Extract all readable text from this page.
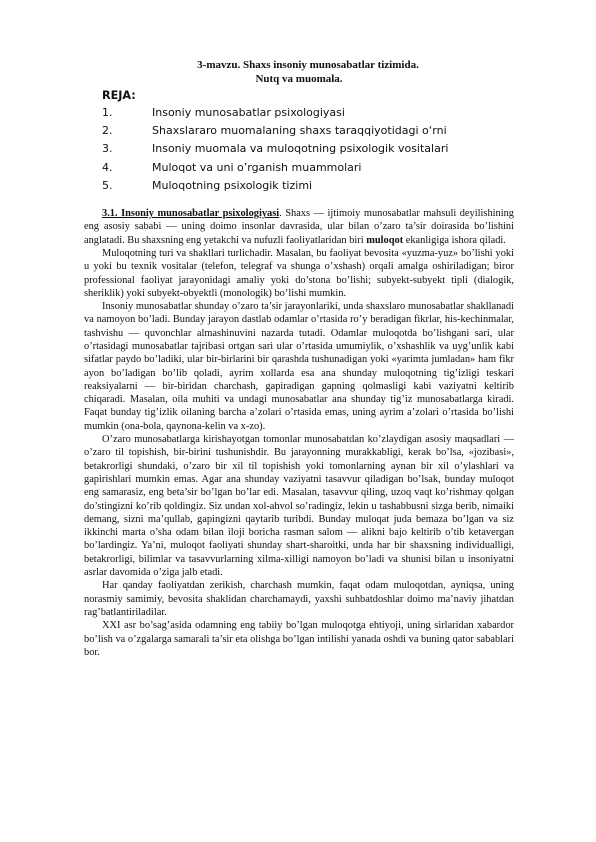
3-mavzu. Shaxs insoniy munosabatlar tizimida.

Nutq va muomala.

REJA:
1.	Insoniy munosabatlar psixologiyasi
2.	Shaxslararo muomalaning shaxs taraqqiyotidagi o‘rni
3.	Insoniy muomala va muloqotning psixologik vositalari
4.	Muloqot va uni o’rganish muammolari
5.	Muloqotning psixologik tizimi

3.1. Insoniy munosabatlar psixologiyasi. Shaxs — ijtimoiy munosabatlar mahsuli deyilishining eng asosiy sababi — uning doimo insonlar davrasida, ular bilan o’zaro ta’sir doirasida bo’lishini anglatadi. Bu shaxsning eng yetakchi va nufuzli faoliyatlaridan biri muloqot ekanligiga ishora qiladi.

Muloqotning turi va shakllari turlichadir. Masalan, bu faoliyat bevosita «yuzma-yuz» bo’lishi yoki u yoki bu texnik vositalar (telefon, telegraf va shunga o’xshash) orqali amalga oshiriladigan; biror professional faoliyat jarayonidagi amaliy yoki do’stona bo’lishi; subyekt-subyekt tipli (dialogik, sheriklik) yoki subyekt-obyektli (monologik) bo’lishi mumkin.

Insoniy munosabatlar shunday o’zaro ta’sir jarayonlariki, unda shaxslaro munosabatlar shakllanadi va namoyon bo’ladi. Bunday jarayon dastlab odamlar o’rtasida ro’y beradigan fikrlar, his-kechinmalar, tashvishu — quvonchlar almashinuvini nazarda tutadi. Odamlar muloqotda bo’lishgani sari, ular o’rtasidagi munosabatlar tajribasi ortgan sari ular o’rtasida umumiylik, o’xshashlik va uyg’unlik kabi sifatlar paydo bo’ladiki, ular bir-birlarini bir qarashda tushunadigan yoki «yarimta jumladan» ham fikr ayon bo’ladigan bo’lib qoladi, ayrim xollarda esa ana shunday muloqotning tig’izligi teskari reaksiyalarni — bir-biridan charchash, gapiradigan gapning qolmasligi kabi vaziyatni keltirib chiqaradi. Masalan, oila muhiti va undagi munosabatlar ana shunday tig’iz munosabatlarga kiradi. Faqat bunday tig’izlik oilaning barcha a’zolari o’rtasida emas, uning ayrim a’zolari o’rtasida bo’lishi mumkin (ona-bola, qaynona-kelin va x-zo).

O’zaro munosabatlarga kirishayotgan tomonlar munosabatdan ko’zlaydigan asosiy maqsadlari — o’zaro til topishish, bir-birini tushunishdir. Bu jarayonning murakkabligi, kerak bo’lsa, «jozibasi», betakrorligi shundaki, o’zaro bir xil til topishish yoki tomonlarning aynan bir xil o’ylashlari va gapirishlari mumkin emas. Agar ana shunday vaziyatni tasavvur qiladigan bo’lsak, bunday muloqot eng samarasiz, eng beta’sir bo’lgan bo’lar edi. Masalan, tasavvur qiling, uzoq vaqt ko’rishmay qolgan do’stingizni ko’rib qoldingiz. Siz undan xol-ahvol so’radingiz, lekin u tashabbusni sizga berib, nimaiki demang, sizni ma’qullab, gapingizni qaytarib turibdi. Bunday muloqat juda bemaza bo’lgan va siz ikkinchi marta o’sha odam bilan iloji boricha rasman salom — alikni bajo keltirib o’tib ketavergan bo’lardingiz. Ya’ni, muloqot faoliyati shunday shart-sharoitki, unda har bir shaxsning individualligi, betakrorligi, bilimlar va tasavvurlarning xilma-xilligi namoyon bo’ladi va shunisi bilan u insoniyatni asrlar davomida o’ziga jalb etadi.

Har qanday faoliyatdan zerikish, charchash mumkin, faqat odam muloqotdan, ayniqsa, uning norasmiy samimiy, bevosita shaklidan charchamaydi, yaxshi suhbatdoshlar doimo ma’naviy jihatdan rag’batlantiriladilar.

XXI asr bo’sag’asida odamning eng tabiiy bo’lgan muloqotga ehtiyoji, uning sirlaridan xabardor bo’lish va o’zgalarga samarali ta’sir eta olishga bo’lgan intilishi yanada oshdi va buning qator sabablari bor.
